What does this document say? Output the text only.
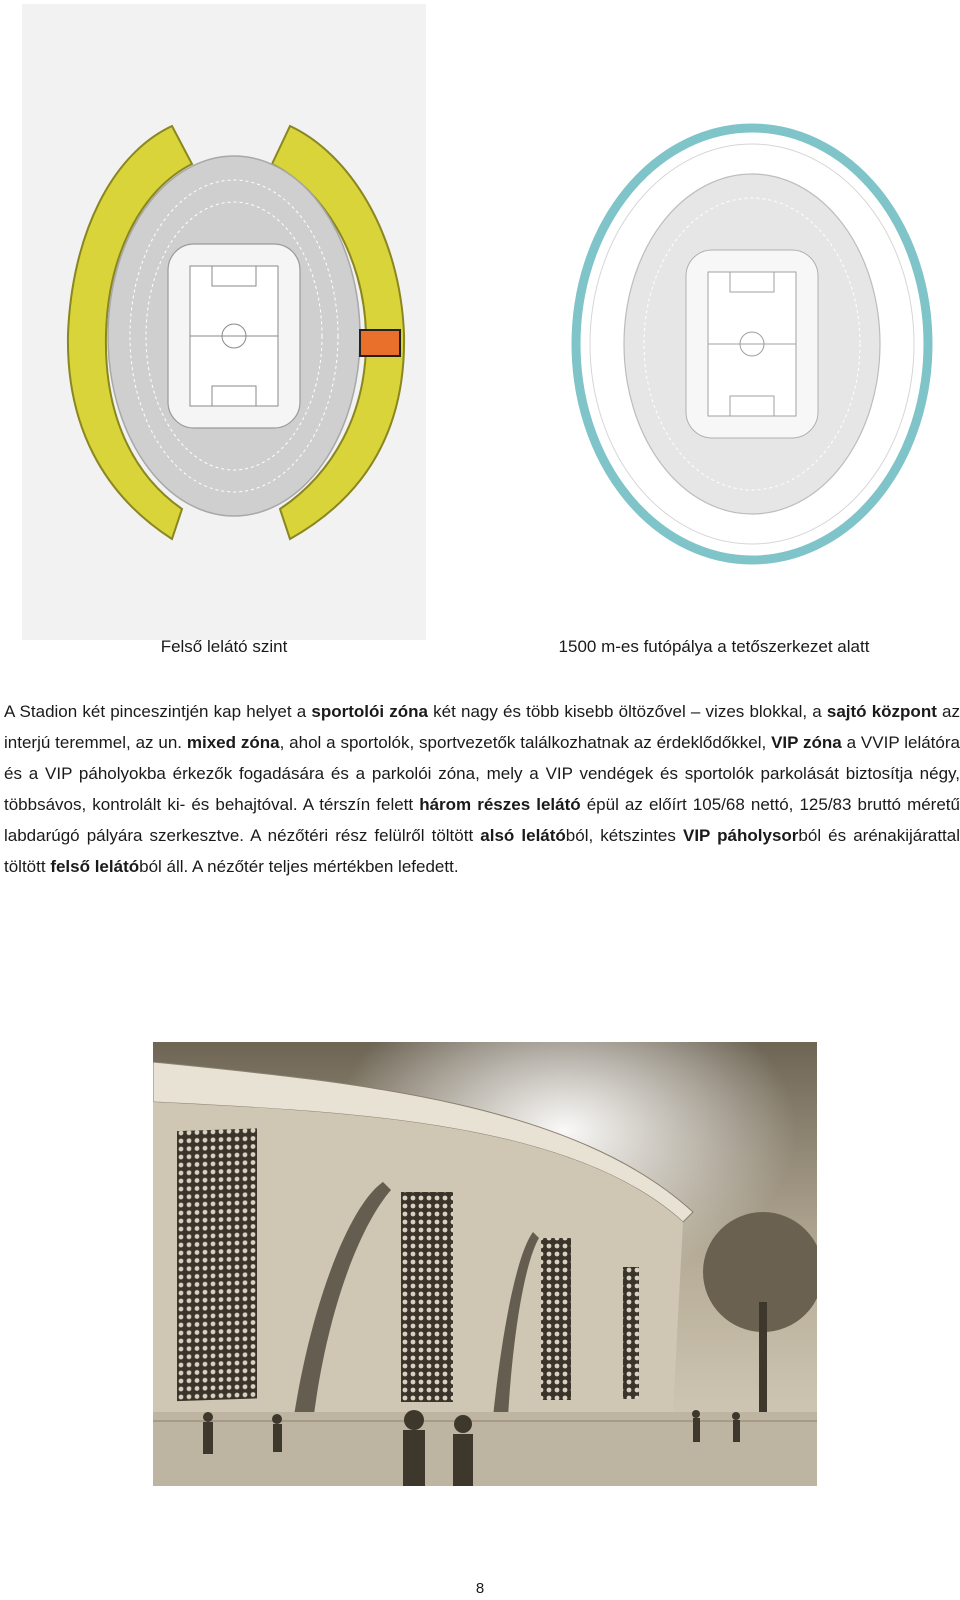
Felső lelátó szint	1500 m-es futópálya a tetőszerkezet alatt
A Stadion két pinceszintjén kap helyet a sportolói zóna két nagy és több kisebb öltözővel – vizes blokkal, a sajtó központ az interjú teremmel, az un. mixed zóna, ahol a sportolók, sportvezetők találkozhatnak az érdeklődőkkel, VIP zóna a VVIP lelátóra és a VIP páholyokba érkezők fogadására és a parkolói zóna, mely a VIP vendégek és sportolók parkolását biztosítja négy, többsávos, kontrolált ki- és behajtóval. A térszín felett három részes lelátó épül az előírt 105/68 nettó, 125/83 bruttó méretű labdarúgó pályára szerkesztve. A nézőtéri rész felülről töltött alsó lelátóból, kétszintes VIP páholysorból és arénakijárattal töltött felső lelátóból áll. A nézőtér teljes mértékben lefedett.
8
